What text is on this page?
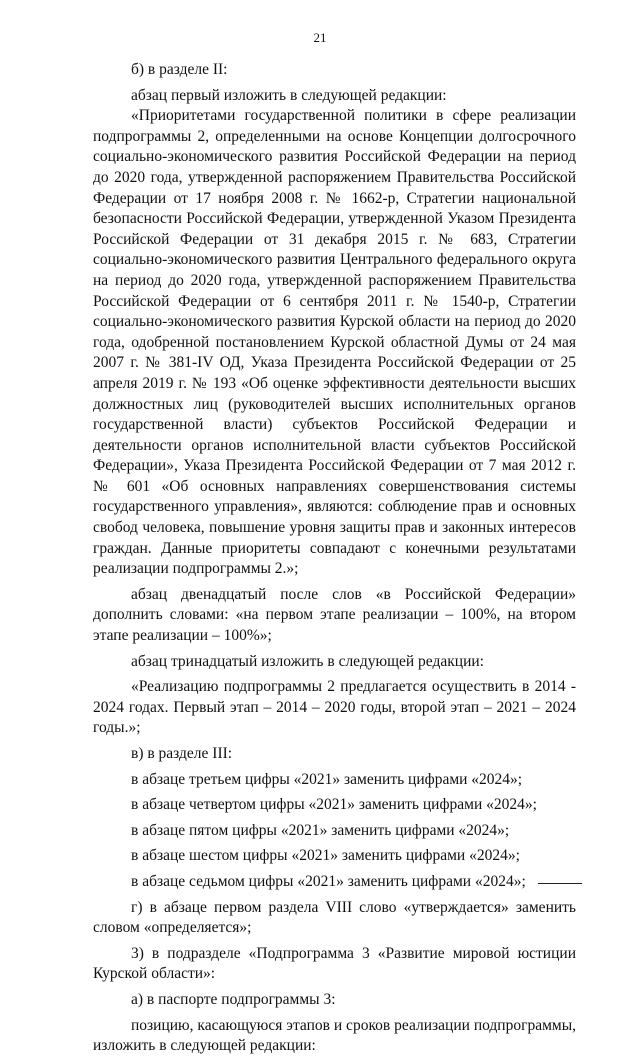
21

б) в разделе II:

абзац первый изложить в следующей редакции:

«Приоритетами государственной политики в сфере реализации подпрограммы 2, определенными на основе Концепции долгосрочного социально-экономического развития Российской Федерации на период до 2020 года, утвержденной распоряжением Правительства Российской Федерации от 17 ноября 2008 г. № 1662-р, Стратегии национальной безопасности Российской Федерации, утвержденной Указом Президента Российской Федерации от 31 декабря 2015 г. № 683, Стратегии социально-экономического развития Центрального федерального округа на период до 2020 года, утвержденной распоряжением Правительства Российской Федерации от 6 сентября 2011 г. № 1540-р, Стратегии социально-экономического развития Курской области на период до 2020 года, одобренной постановлением Курской областной Думы от 24 мая 2007 г. № 381-IV ОД, Указа Президента Российской Федерации от 25 апреля 2019 г. № 193 «Об оценке эффективности деятельности высших должностных лиц (руководителей высших исполнительных органов государственной власти) субъектов Российской Федерации и деятельности органов исполнительной власти субъектов Российской Федерации», Указа Президента Российской Федерации от 7 мая 2012 г. № 601 «Об основных направлениях совершенствования системы государственного управления», являются: соблюдение прав и основных свобод человека, повышение уровня защиты прав и законных интересов граждан. Данные приоритеты совпадают с конечными результатами реализации подпрограммы 2.»;

абзац двенадцатый после слов «в Российской Федерации» дополнить словами: «на первом этапе реализации – 100%, на втором этапе реализации – 100%»;

абзац тринадцатый изложить в следующей редакции:

«Реализацию подпрограммы 2 предлагается осуществить в 2014 - 2024 годах. Первый этап – 2014 – 2020 годы, второй этап – 2021 – 2024 годы.»;

в) в разделе III:

в абзаце третьем цифры «2021» заменить цифрами «2024»;

в абзаце четвертом цифры «2021» заменить цифрами «2024»;

в абзаце пятом цифры «2021» заменить цифрами «2024»;

в абзаце шестом цифры «2021» заменить цифрами «2024»;

в абзаце седьмом цифры «2021» заменить цифрами «2024»;

г) в абзаце первом раздела VIII слово «утверждается» заменить словом «определяется»;

3) в подразделе «Подпрограмма 3 «Развитие мировой юстиции Курской области»:

а) в паспорте подпрограммы 3:

позицию, касающуюся этапов и сроков реализации подпрограммы, изложить в следующей редакции:
